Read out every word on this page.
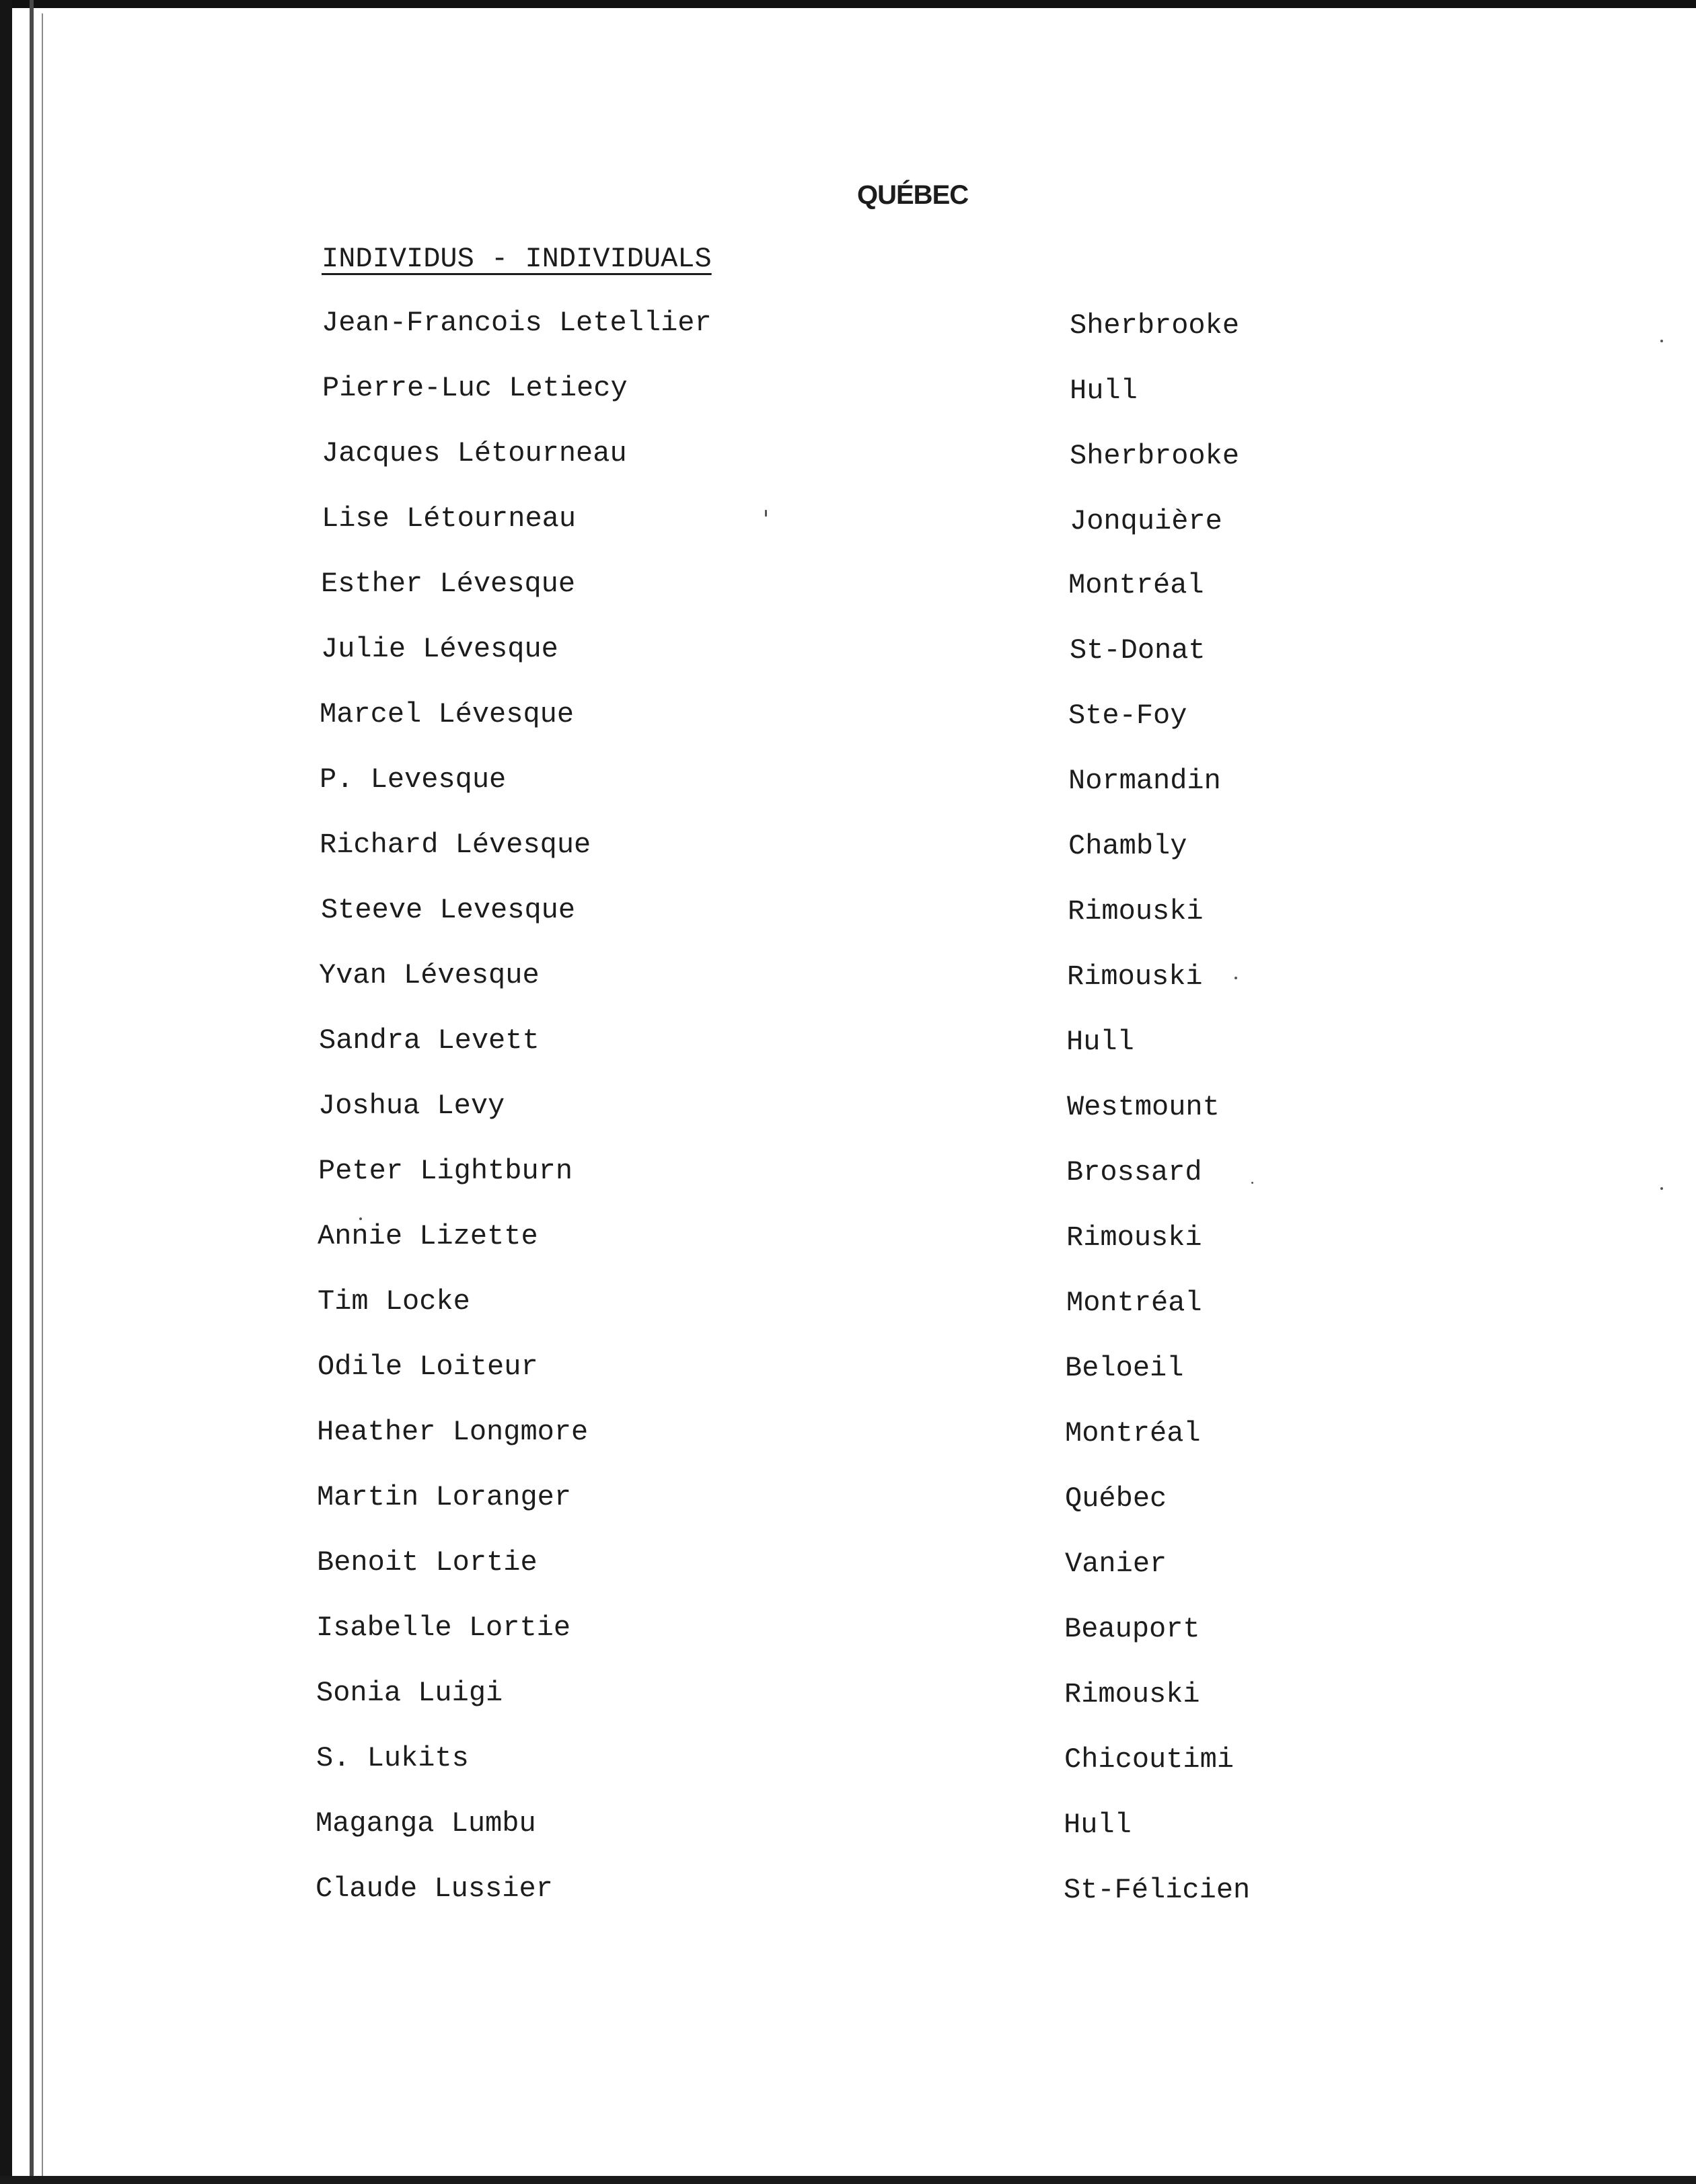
QUÉBEC
INDIVIDUS - INDIVIDUALS
Jean-Francois Letellier	Sherbrooke
Pierre-Luc Letiecy	Hull
Jacques Létourneau	Sherbrooke
Lise Létourneau	Jonquière
Esther Lévesque	Montréal
Julie Lévesque	St-Donat
Marcel Lévesque	Ste-Foy
P. Levesque	Normandin
Richard Lévesque	Chambly
Steeve Levesque	Rimouski
Yvan Lévesque	Rimouski
Sandra Levett	Hull
Joshua Levy	Westmount
Peter Lightburn	Brossard
Annie Lizette	Rimouski
Tim Locke	Montréal
Odile Loiteur	Beloeil
Heather Longmore	Montréal
Martin Loranger	Québec
Benoit Lortie	Vanier
Isabelle Lortie	Beauport
Sonia Luigi	Rimouski
S. Lukits	Chicoutimi
Maganga Lumbu	Hull
Claude Lussier	St-Félicien
